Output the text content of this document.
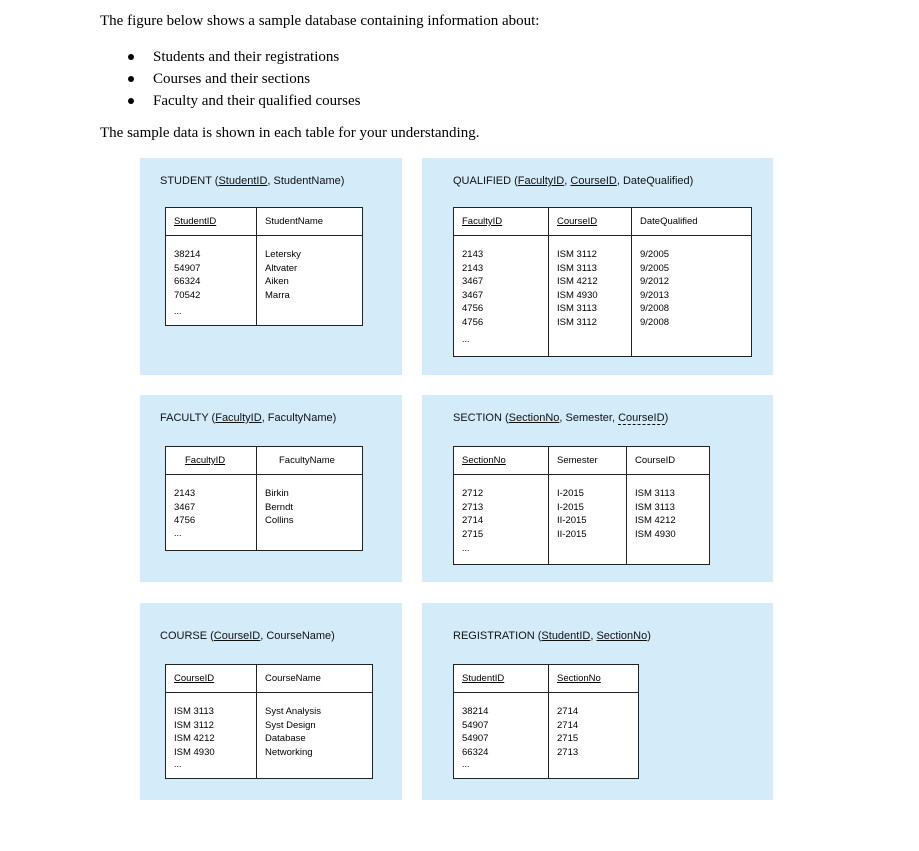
The figure below shows a sample database containing information about:
Students and their registrations
Courses and their sections
Faculty and their qualified courses
The sample data is shown in each table for your understanding.
STUDENT (StudentID, StudentName)
StudentID
38214
54907
66324
70542
...
StudentName
Letersky
Altvater
Aiken
Marra
QUALIFIED (FacultyID, CourseID, DateQualified)
FacultyID
2143
2143
3467
3467
4756
4756
...
CourseID
ISM 3112
ISM 3113
ISM 4212
ISM 4930
ISM 3113
ISM 3112
DateQualified
9/2005
9/2005
9/2012
9/2013
9/2008
9/2008
FACULTY (FacultyID, FacultyName)
FacultyID
2143
3467
4756
...
FacultyName
Birkin
Berndt
Collins
SECTION (SectionNo, Semester, CourseID)
SectionNo
2712
2713
2714
2715
...
Semester
I-2015
I-2015
II-2015
II-2015
CourseID
ISM 3113
ISM 3113
ISM 4212
ISM 4930
COURSE (CourseID, CourseName)
CourseID
ISM 3113
ISM 3112
ISM 4212
ISM 4930
...
CourseName
Syst Analysis
Syst Design
Database
Networking
REGISTRATION (StudentID, SectionNo)
StudentID
38214
54907
54907
66324
...
SectionNo
2714
2714
2715
2713
